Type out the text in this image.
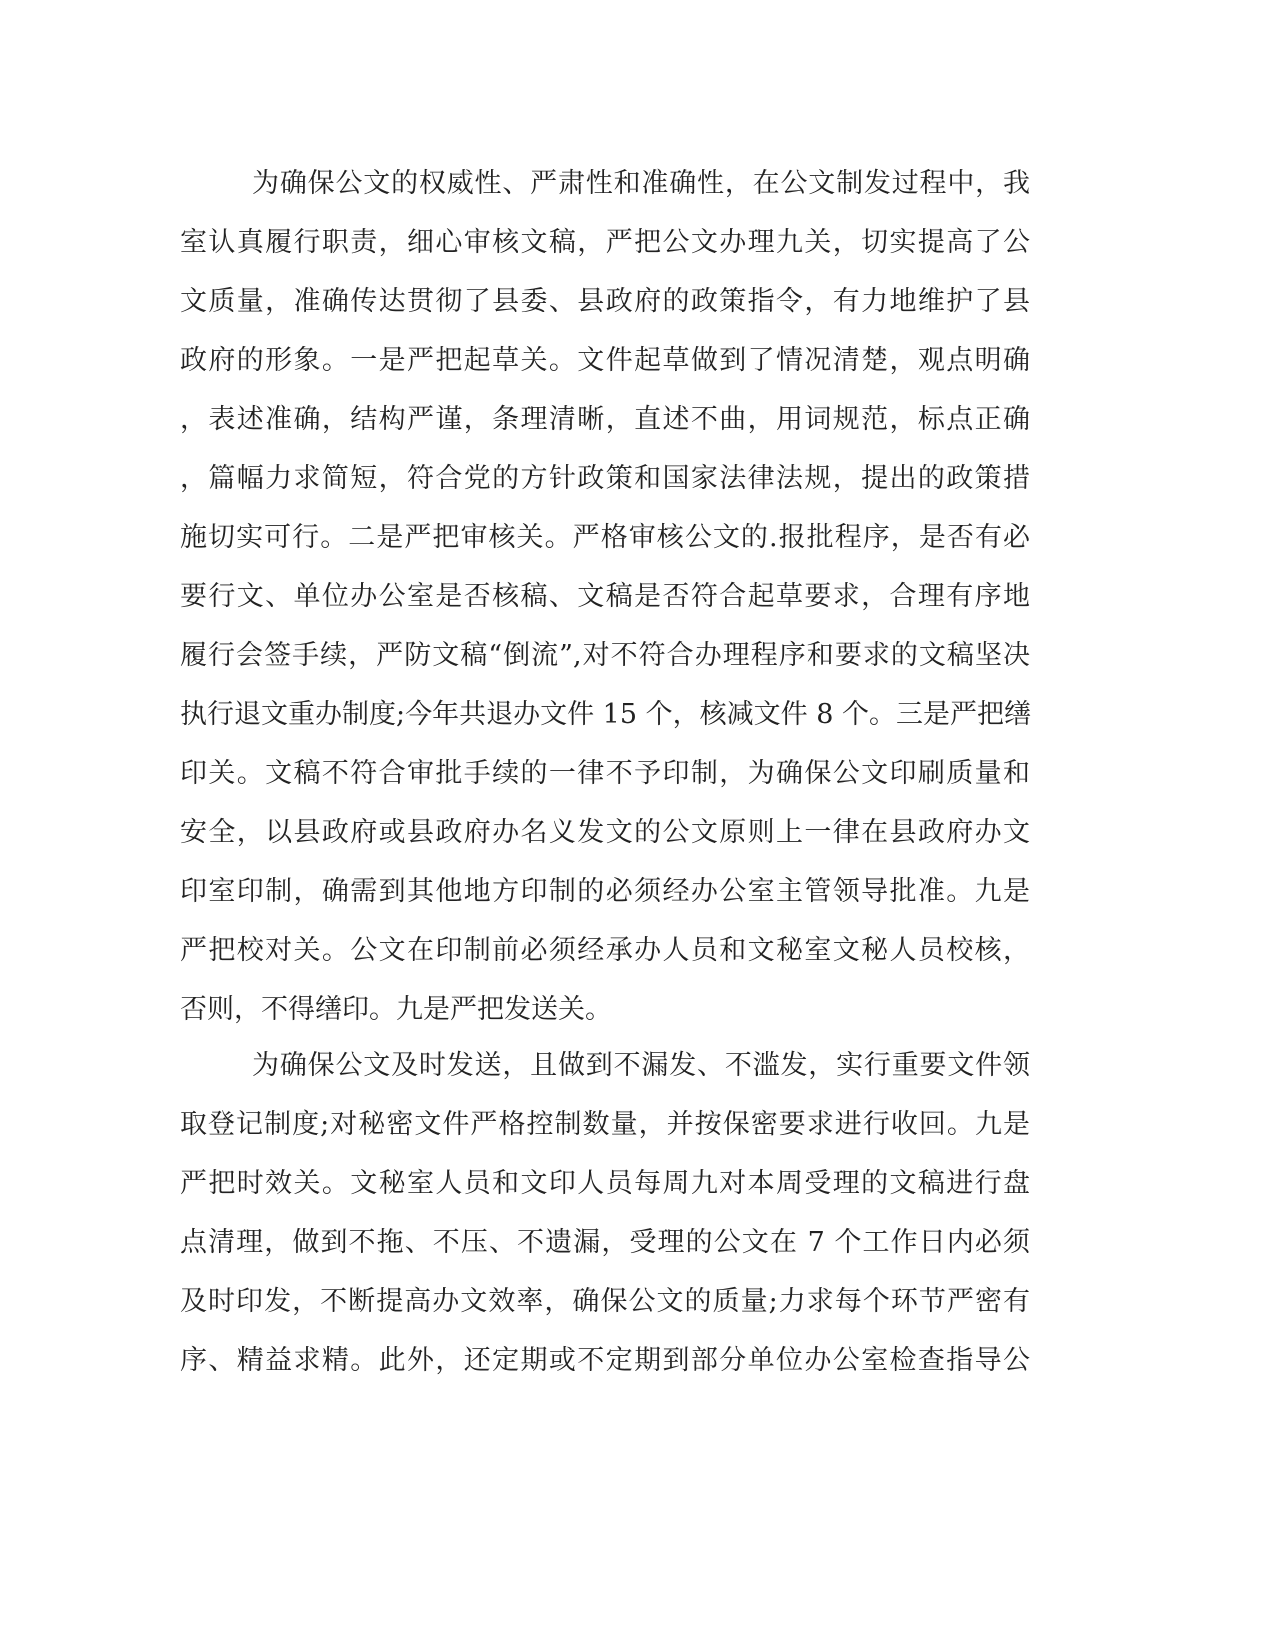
为确保公文的权威性、严肃性和准确性，在公文制发过程中，我
室认真履行职责，细心审核文稿，严把公文办理九关，切实提高了公
文质量，准确传达贯彻了县委、县政府的政策指令，有力地维护了县
政府的形象。一是严把起草关。文件起草做到了情况清楚，观点明确
，表述准确，结构严谨，条理清晰，直述不曲，用词规范，标点正确
，篇幅力求简短，符合党的方针政策和国家法律法规，提出的政策措
施切实可行。二是严把审核关。严格审核公文的.报批程序，是否有必
要行文、单位办公室是否核稿、文稿是否符合起草要求，合理有序地
履行会签手续，严防文稿“倒流”,对不符合办理程序和要求的文稿坚决
执行退文重办制度;今年共退办文件 15 个，核减文件 8 个。三是严把缮
印关。文稿不符合审批手续的一律不予印制，为确保公文印刷质量和
安全，以县政府或县政府办名义发文的公文原则上一律在县政府办文
印室印制，确需到其他地方印制的必须经办公室主管领导批准。九是
严把校对关。公文在印制前必须经承办人员和文秘室文秘人员校核，
否则，不得缮印。九是严把发送关。
为确保公文及时发送，且做到不漏发、不滥发，实行重要文件领
取登记制度;对秘密文件严格控制数量，并按保密要求进行收回。九是
严把时效关。文秘室人员和文印人员每周九对本周受理的文稿进行盘
点清理，做到不拖、不压、不遗漏，受理的公文在 7 个工作日内必须
及时印发，不断提高办文效率，确保公文的质量;力求每个环节严密有
序、精益求精。此外，还定期或不定期到部分单位办公室检查指导公
